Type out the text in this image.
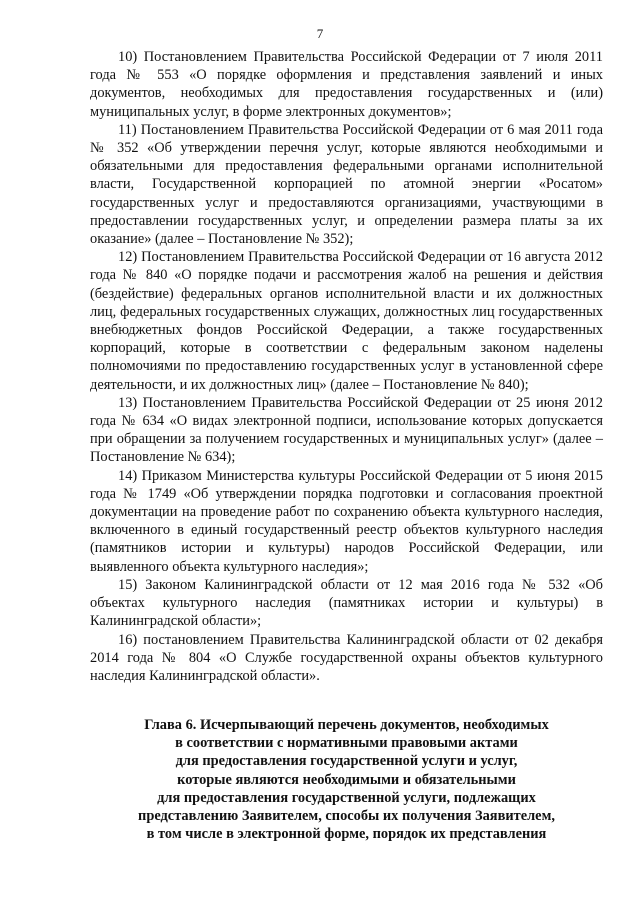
7

10) Постановлением Правительства Российской Федерации от 7 июля 2011 года № 553 «О порядке оформления и представления заявлений и иных документов, необходимых для предоставления государственных и (или) муниципальных услуг, в форме электронных документов»;

11) Постановлением Правительства Российской Федерации от 6 мая 2011 года № 352 «Об утверждении перечня услуг, которые являются необходимыми и обязательными для предоставления федеральными органами исполнительной власти, Государственной корпорацией по атомной энергии «Росатом» государственных услуг и предоставляются организациями, участвующими в предоставлении государственных услуг, и определении размера платы за их оказание» (далее – Постановление № 352);

12) Постановлением Правительства Российской Федерации от 16 августа 2012 года № 840 «О порядке подачи и рассмотрения жалоб на решения и действия (бездействие) федеральных органов исполнительной власти и их должностных лиц, федеральных государственных служащих, должностных лиц государственных внебюджетных фондов Российской Федерации, а также государственных корпораций, которые в соответствии с федеральным законом наделены полномочиями по предоставлению государственных услуг в установленной сфере деятельности, и их должностных лиц» (далее – Постановление № 840);

13) Постановлением Правительства Российской Федерации от 25 июня 2012 года № 634 «О видах электронной подписи, использование которых допускается при обращении за получением государственных и муниципальных услуг» (далее – Постановление № 634);

14) Приказом Министерства культуры Российской Федерации от 5 июня 2015 года № 1749 «Об утверждении порядка подготовки и согласования проектной документации на проведение работ по сохранению объекта культурного наследия, включенного в единый государственный реестр объектов культурного наследия (памятников истории и культуры) народов Российской Федерации, или выявленного объекта культурного наследия»;

15) Законом Калининградской области от 12 мая 2016 года № 532 «Об объектах культурного наследия (памятниках истории и культуры) в Калининградской области»;

16) постановлением Правительства Калининградской области от 02 декабря 2014 года № 804 «О Службе государственной охраны объектов культурного наследия Калининградской области».

Глава 6. Исчерпывающий перечень документов, необходимых
в соответствии с нормативными правовыми актами
для предоставления государственной услуги и услуг,
которые являются необходимыми и обязательными
для предоставления государственной услуги, подлежащих
представлению Заявителем, способы их получения Заявителем,
в том числе в электронной форме, порядок их представления
